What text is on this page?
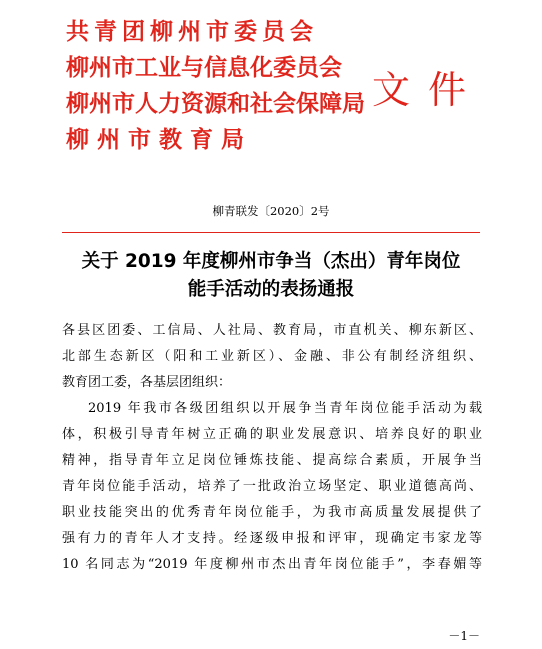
共青团柳州市委员会
柳州市工业与信息化委员会
柳州市人力资源和社会保障局
柳 州 市 教 育 局
文件
柳青联发〔2020〕2号
关于 2019 年度柳州市争当（杰出）青年岗位
能手活动的表扬通报
各县区团委、工信局、人社局、教育局，市直机关、柳东新区、
北部生态新区（阳和工业新区）、金融、非公有制经济组织、
教育团工委，各基层团组织：
2019 年我市各级团组织以开展争当青年岗位能手活动为载
体，积极引导青年树立正确的职业发展意识、培养良好的职业
精神，指导青年立足岗位锤炼技能、提高综合素质，开展争当
青年岗位能手活动，培养了一批政治立场坚定、职业道德高尚、
职业技能突出的优秀青年岗位能手，为我市高质量发展提供了
强有力的青年人才支持。经逐级申报和评审，现确定韦家龙等
10 名同志为“2019 年度柳州市杰出青年岗位能手”，李春媚等
－1－
